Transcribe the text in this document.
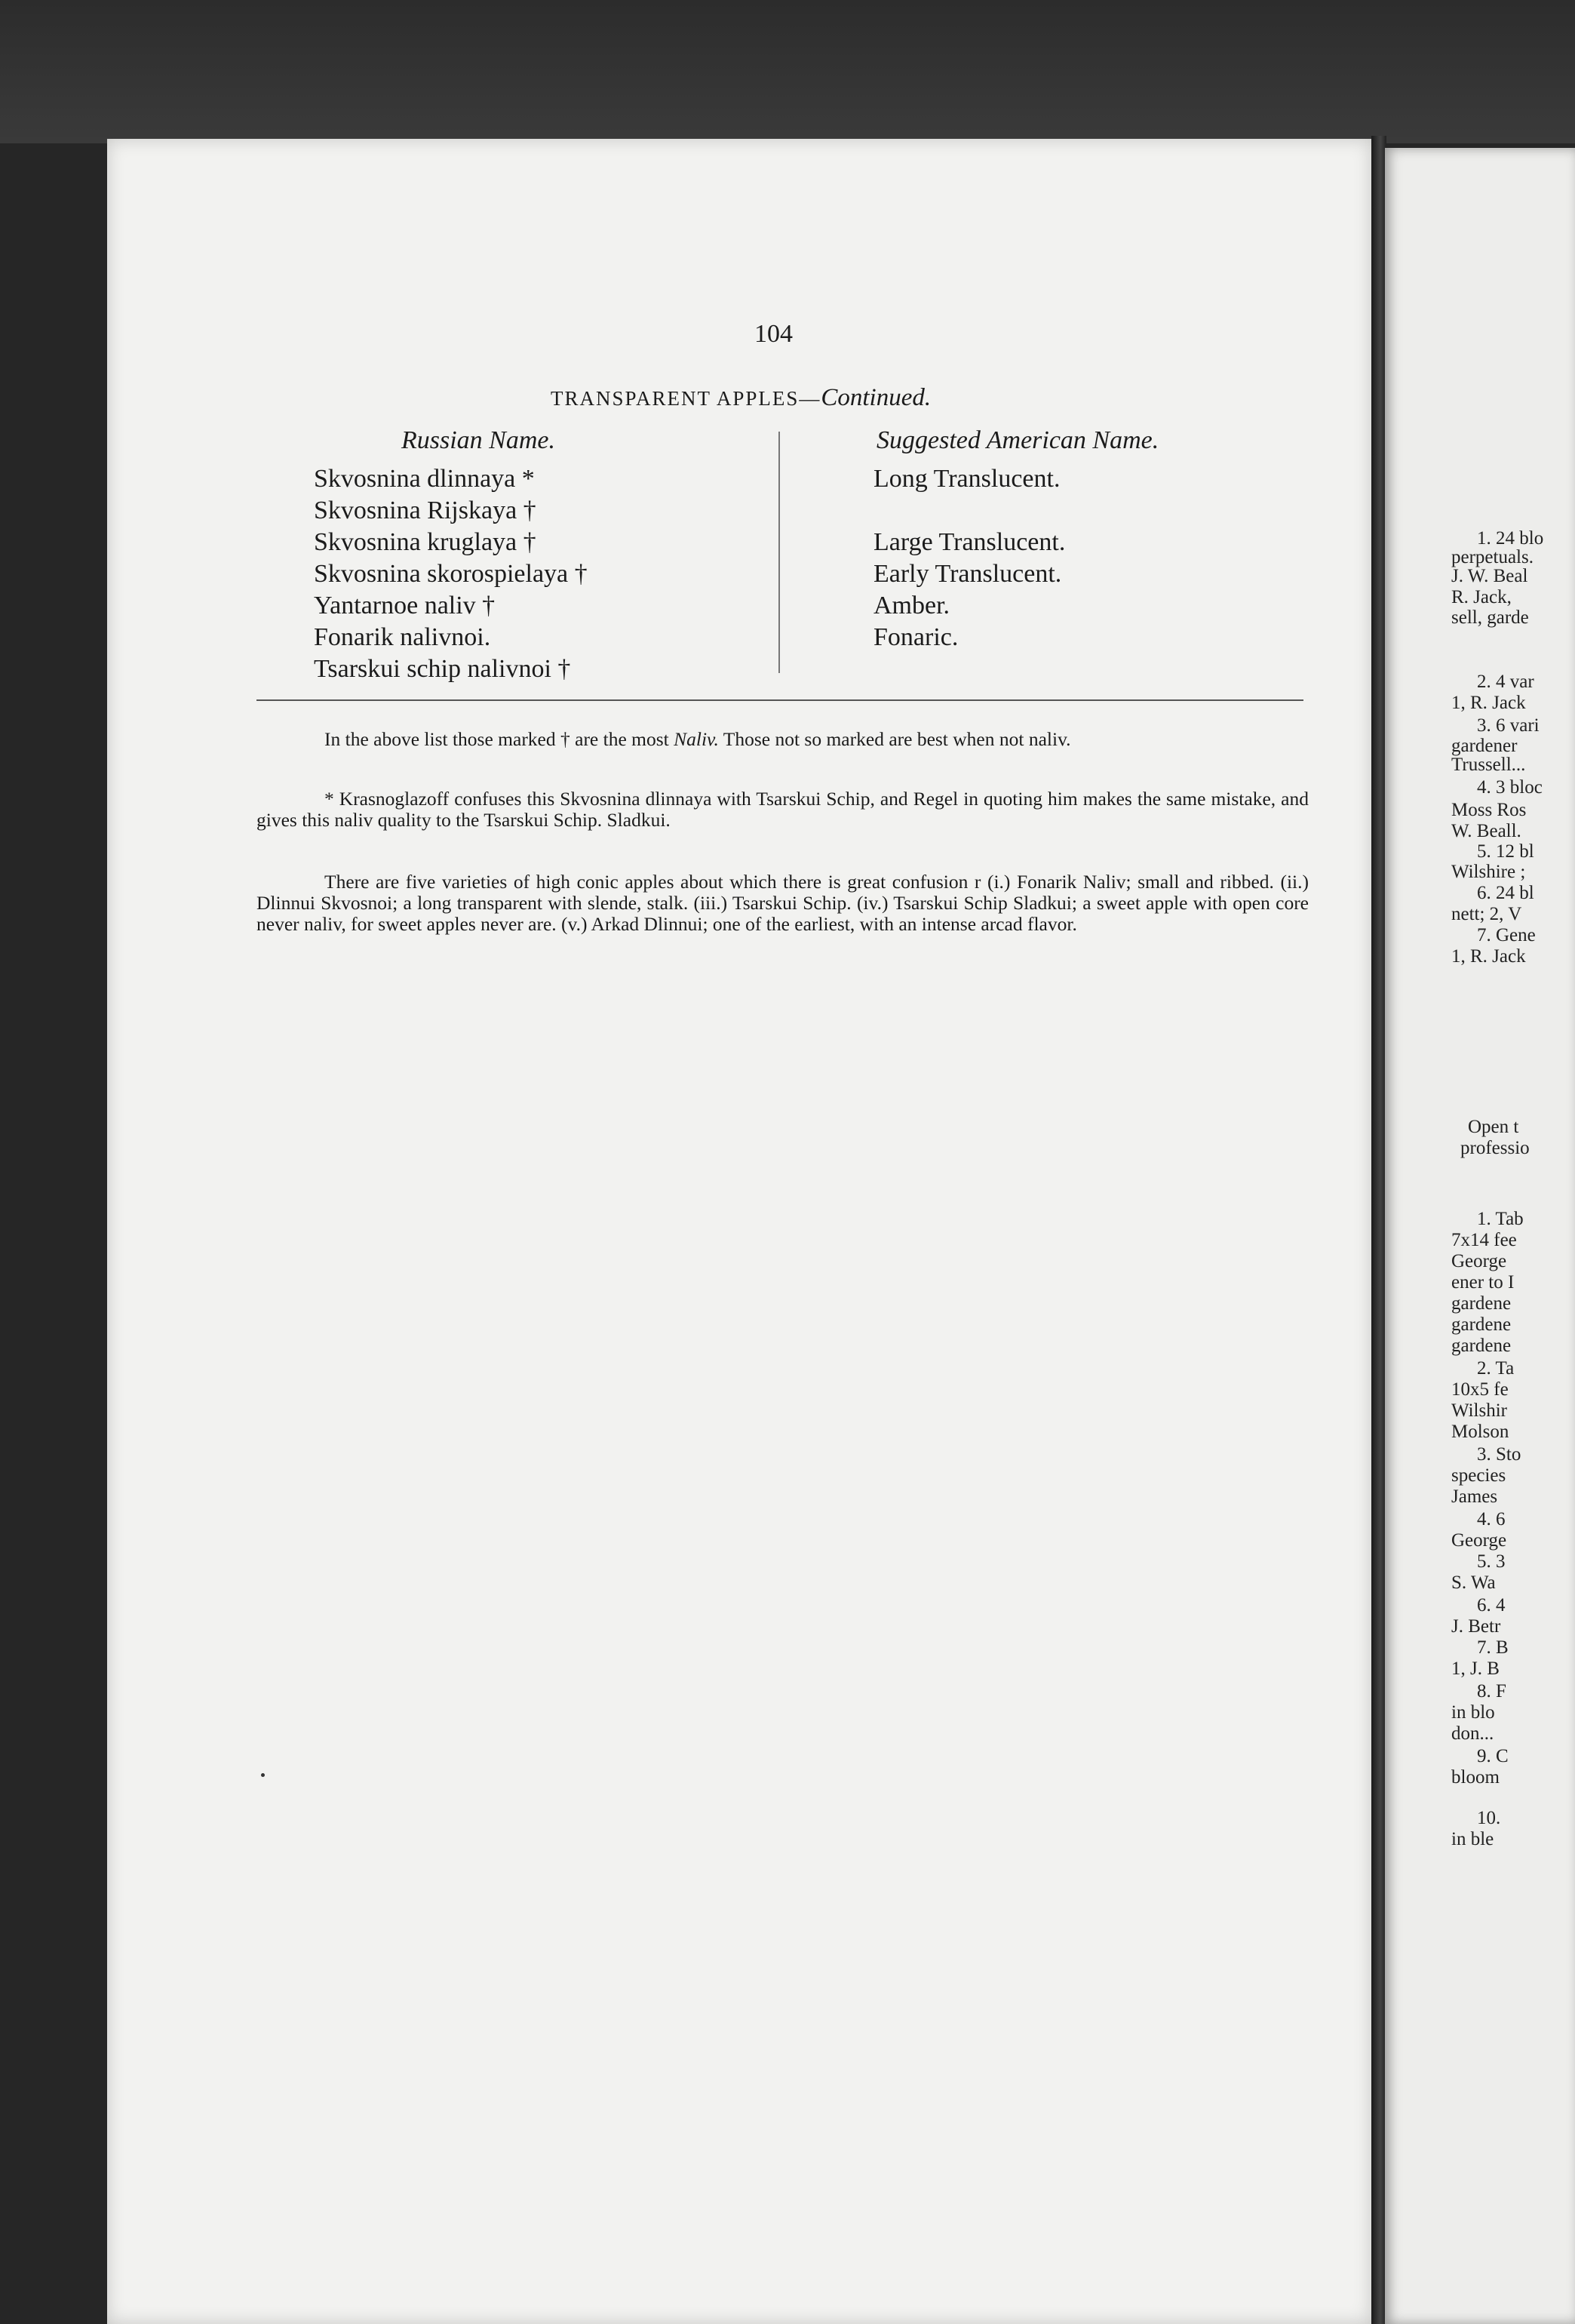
104
TRANSPARENT APPLES—Continued.
Russian Name.	Suggested American Name.
Skvosnina dlinnaya *
Skvosnina Rijskaya †
Skvosnina kruglaya †
Skvosnina skorospielaya †
Yantarnoe naliv †
Fonarik nalivnoi.
Tsarskui schip nalivnoi †
Long Translucent.
Large Translucent.
Early Translucent.
Amber.
Fonaric.
In the above list those marked † are the most Naliv. Those not so marked are best when not naliv.
* Krasnoglazoff confuses this Skvosnina dlinnaya with Tsarskui Schip, and Regel in quoting him makes the same mistake, and gives this naliv quality to the Tsarskui Schip. Sladkui.
There are five varieties of high conic apples about which there is great confusion r (i.) Fonarik Naliv; small and ribbed. (ii.) Dlinnui Skvosnoi; a long transparent with slende, stalk. (iii.) Tsarskui Schip. (iv.) Tsarskui Schip Sladkui; a sweet apple with open core never naliv, for sweet apples never are. (v.) Arkad Dlinnui; one of the earliest, with an intense arcad flavor.
1. 24 blo
perpetuals.
J. W. Beal
R. Jack,
sell, garde
2. 4 var
1, R. Jack
3. 6 vari
gardener
Trussell...
4. 3 bloc
Moss Ros
W. Beall.
5. 12 bl
Wilshire ;
6. 24 bl
nett; 2, V
7. Gene
1, R. Jack
Open t
professio
1. Tab
7x14 fee
George
ener to I
gardene
gardene
gardene
2. Ta
10x5 fe
Wilshir
Molson
3. Sto
species
James
4. 6
George
5. 3
S. Wa
6. 4
J. Betr
7. B
1, J. B
8. F
in blo
don...
9. C
bloom
10.
in ble
